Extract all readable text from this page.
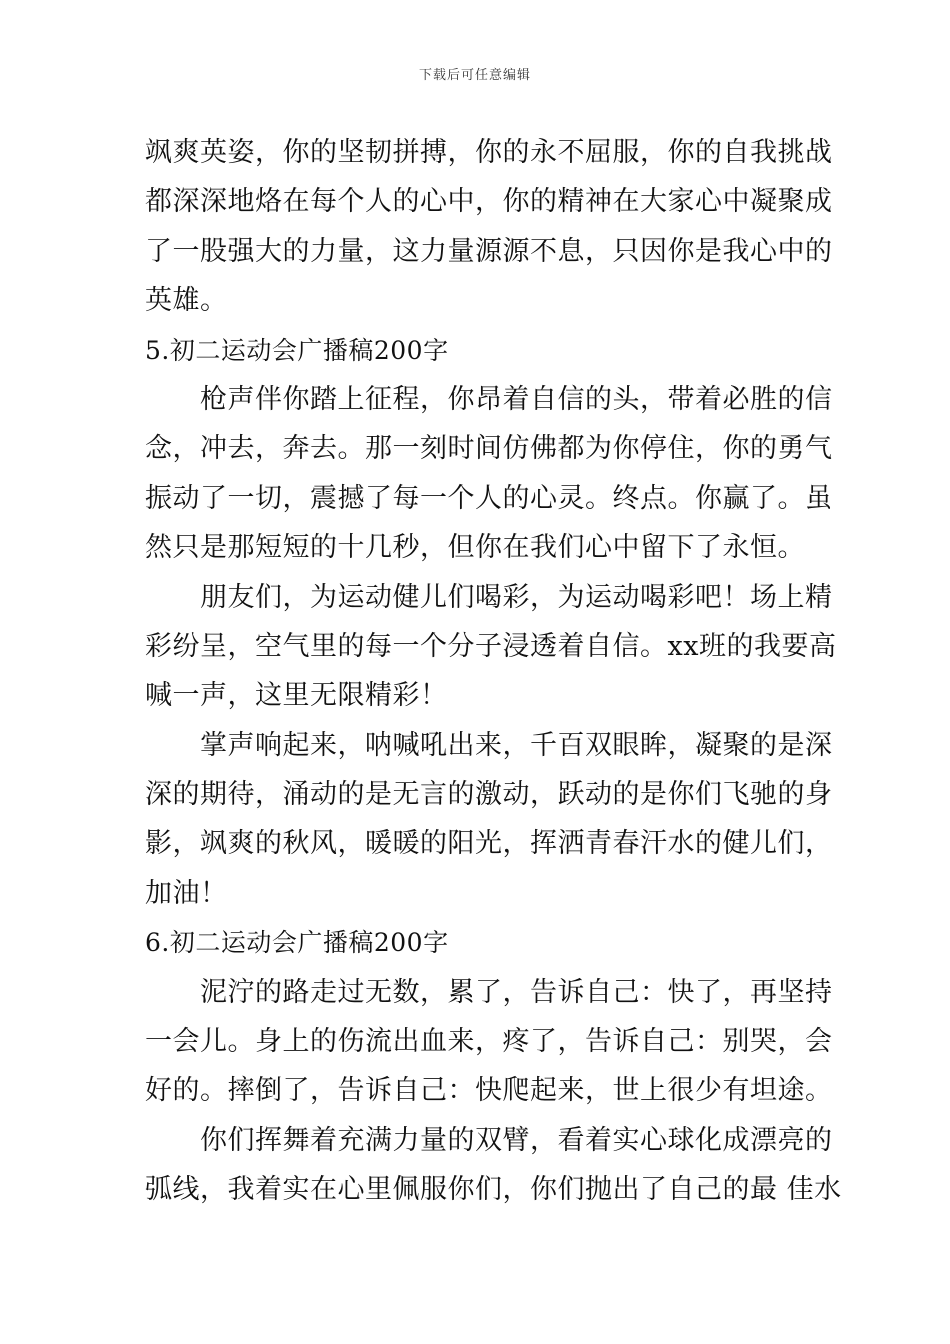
下载后可任意编辑
飒爽英姿，你的坚韧拼搏，你的永不屈服，你的自我挑战
都深深地烙在每个人的心中，你的精神在大家心中凝聚成
了一股强大的力量，这力量源源不息，只因你是我心中的
英雄。
5.初二运动会广播稿200字
　　枪声伴你踏上征程，你昂着自信的头，带着必胜的信
念，冲去，奔去。那一刻时间仿佛都为你停住，你的勇气
振动了一切，震撼了每一个人的心灵。终点。你赢了。虽
然只是那短短的十几秒，但你在我们心中留下了永恒。
　　朋友们，为运动健儿们喝彩，为运动喝彩吧！场上精
彩纷呈，空气里的每一个分子浸透着自信。xx班的我要高
喊一声，这里无限精彩！
　　掌声响起来，呐喊吼出来，千百双眼眸，凝聚的是深
深的期待，涌动的是无言的激动，跃动的是你们飞驰的身
影，飒爽的秋风，暖暖的阳光，挥洒青春汗水的健儿们，
加油！
6.初二运动会广播稿200字
　　泥泞的路走过无数，累了，告诉自己：快了，再坚持
一会儿。身上的伤流出血来，疼了，告诉自己：别哭，会
好的。摔倒了，告诉自己：快爬起来，世上很少有坦途。
　　你们挥舞着充满力量的双臂，看着实心球化成漂亮的
弧线，我着实在心里佩服你们，你们抛出了自己的最 佳水
